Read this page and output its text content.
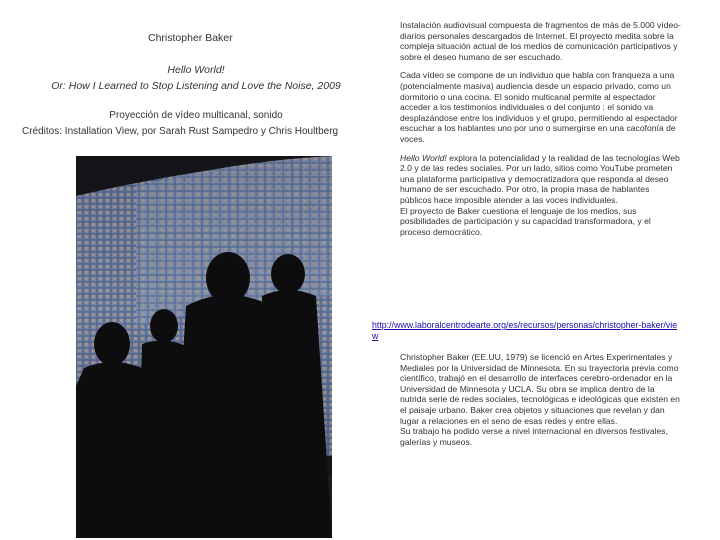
Christopher Baker
Hello World!
Or: How I Learned to Stop Listening and Love the Noise, 2009
Proyección de vídeo multicanal, sonido
Créditos: Installation View, por Sarah Rust Sampedro y Chris Houltberg
Instalación audiovisual compuesta de fragmentos de más de 5.000 vídeo-diarios personales descargados de Internet. El proyecto medita sobre la compleja situación actual de los medios de comunicación participativos y sobre el deseo humano de ser escuchado.
Cada vídeo se compone de un individuo que habla con franqueza a una (potencialmente masiva) audiencia desde un espacio privado, como un dormitorio o una cocina. El sonido multicanal permite al espectador acceder a los testimonios individuales o del conjunto : el sonido va desplazándose entre los individuos y el grupo, permitiendo al espectador escuchar a los hablantes uno por uno o sumergirse en una cacofonía de voces.

Hello World! explora la potencialidad y la realidad de las tecnologías Web 2.0 y de las redes sociales. Por un lado, sitios como YouTube prometen una plataforma participativa y democratizadora que responda al deseo humano de ser escuchado. Por otro, la propia masa de hablantes públicos hace imposible atender a las voces individuales.

El proyecto de Baker cuestiona el lenguaje de los medios, sus posibilidades de participación y su capacidad transformadora, y el proceso democrático.

http://www.laboralcentrodearte.org/es/recursos/personas/christopher-baker/view

Christopher Baker (EE.UU, 1979) se licenció en Artes Experimentales y Mediales por la Universidad de Minnesota. En su trayectoria previa como científico, trabajó en el desarrollo de interfaces cerebro-ordenador en la Universidad de Minnesota y UCLA. Su obra se implica dentro de la nutrida serie de redes sociales, tecnológicas e ideológicas que existen en el paisaje urbano. Baker crea objetos y situaciones que revelan y dan lugar a relaciones en el seno de esas redes y entre ellas.

Su trabajo ha podido verse a nivel internacional en diversos festivales, galerías y museos.
